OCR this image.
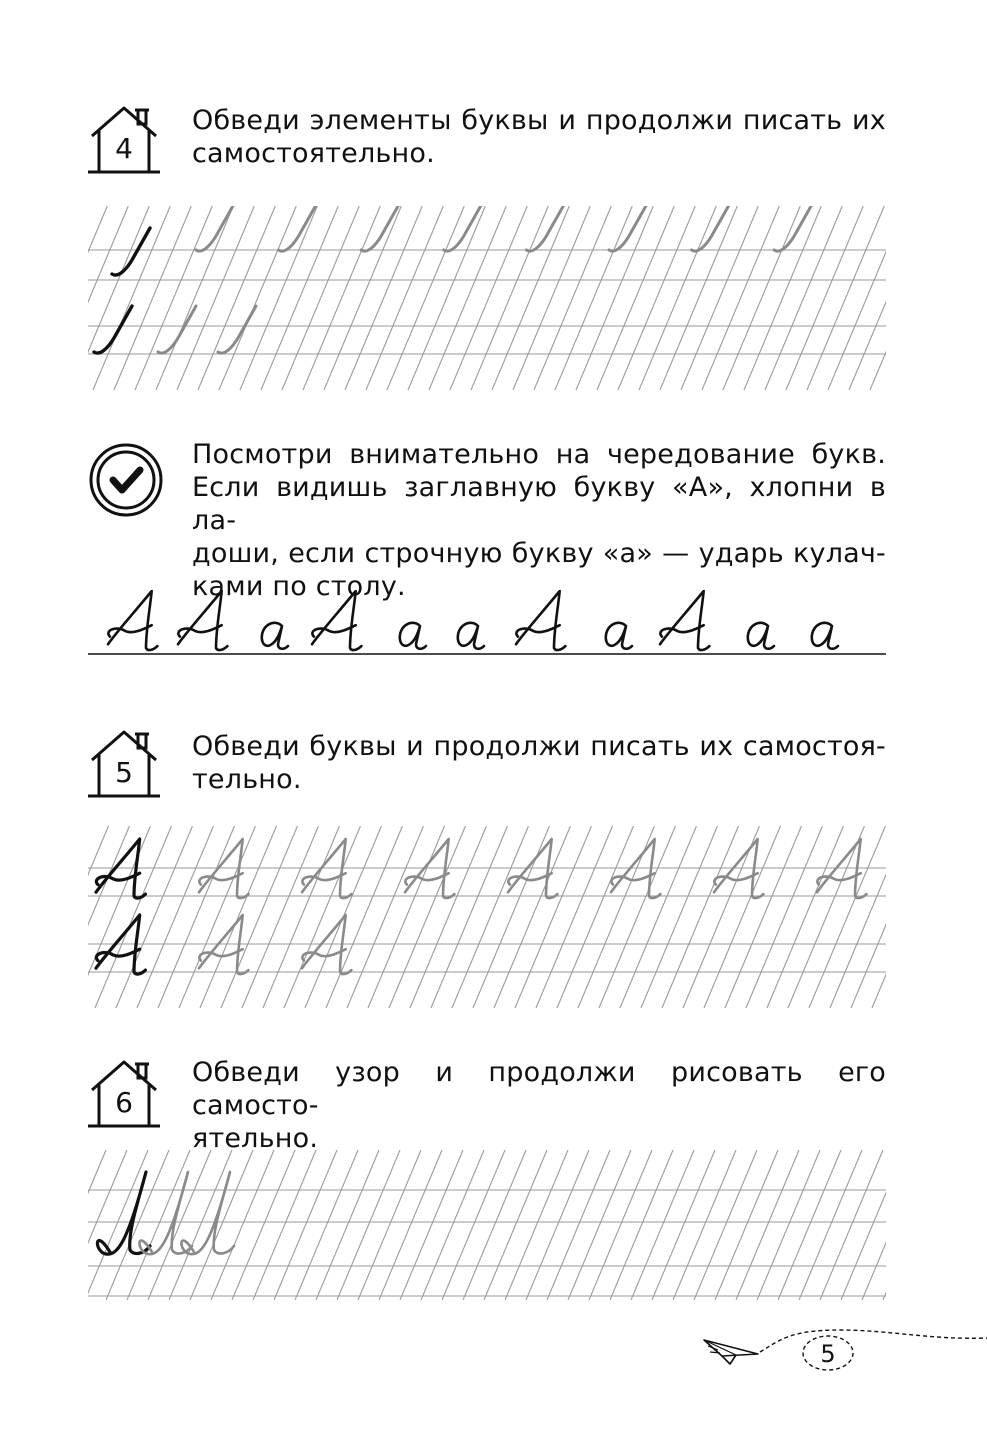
4
Обведи элементы буквы и продолжи писать их самостоятельно.
Посмотри внимательно на чередование букв.
Если видишь заглавную букву «А», хлопни в ла-
доши, если строчную букву «а» — ударь кулач-
ками по столу.
5
Обведи буквы и продолжи писать их самостоя-
тельно.
6
Обведи узор и продолжи рисовать его самосто-
ятельно.
5
